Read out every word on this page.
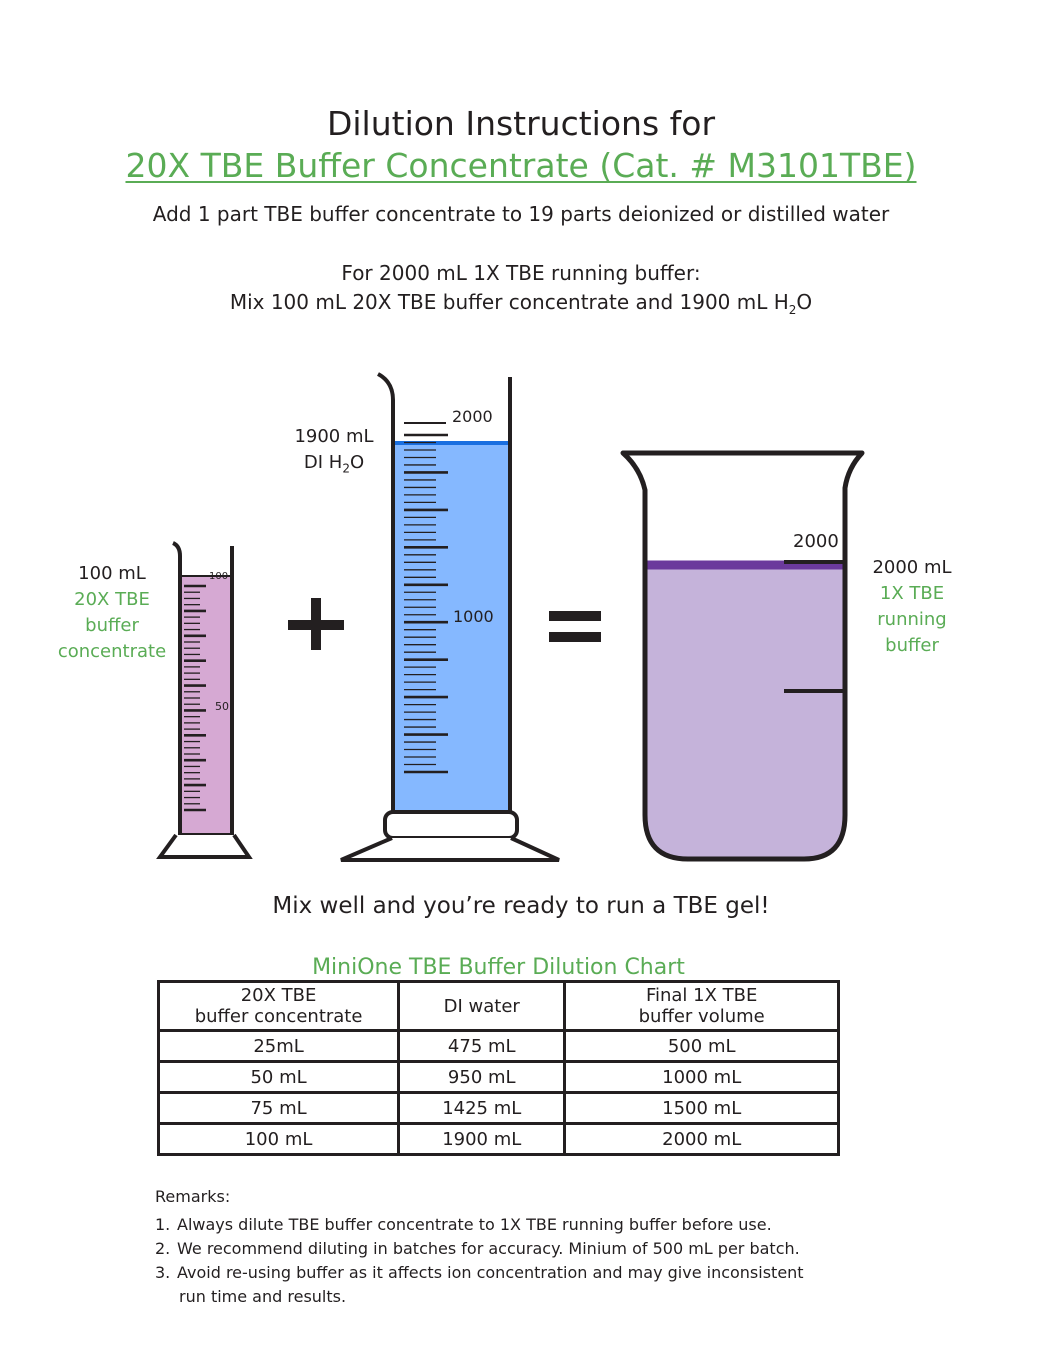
Dilution Instructions for
20X TBE Buffer Concentrate (Cat. # M3101TBE)
Add 1 part TBE buffer concentrate to 19 parts deionized or distilled water
For 2000 mL 1X TBE running buffer:
Mix 100 mL 20X TBE buffer concentrate and 1900 mL $H_2O$
100
50
2000
1000
2000
100 mL
20X TBE
buffer
concentrate
1900 mL
DI $H_2O$
2000 mL
1X TBE
running
buffer
Mix well and you’re ready to run a TBE gel!
MiniOne TBE Buffer Dilution Chart
20X TBE
buffer concentrate	DI water	Final 1X TBE
buffer volume
25mL	475 mL	500 mL
50 mL	950 mL	1000 mL
75 mL	1425 mL	1500 mL
100 mL	1900 mL	2000 mL
Remarks:
1. Always dilute TBE buffer concentrate to 1X TBE running buffer before use.
2. We recommend diluting in batches for accuracy. Minium of 500 mL per batch.
3. Avoid re-using buffer as it affects ion concentration and may give inconsistent
run time and results.
